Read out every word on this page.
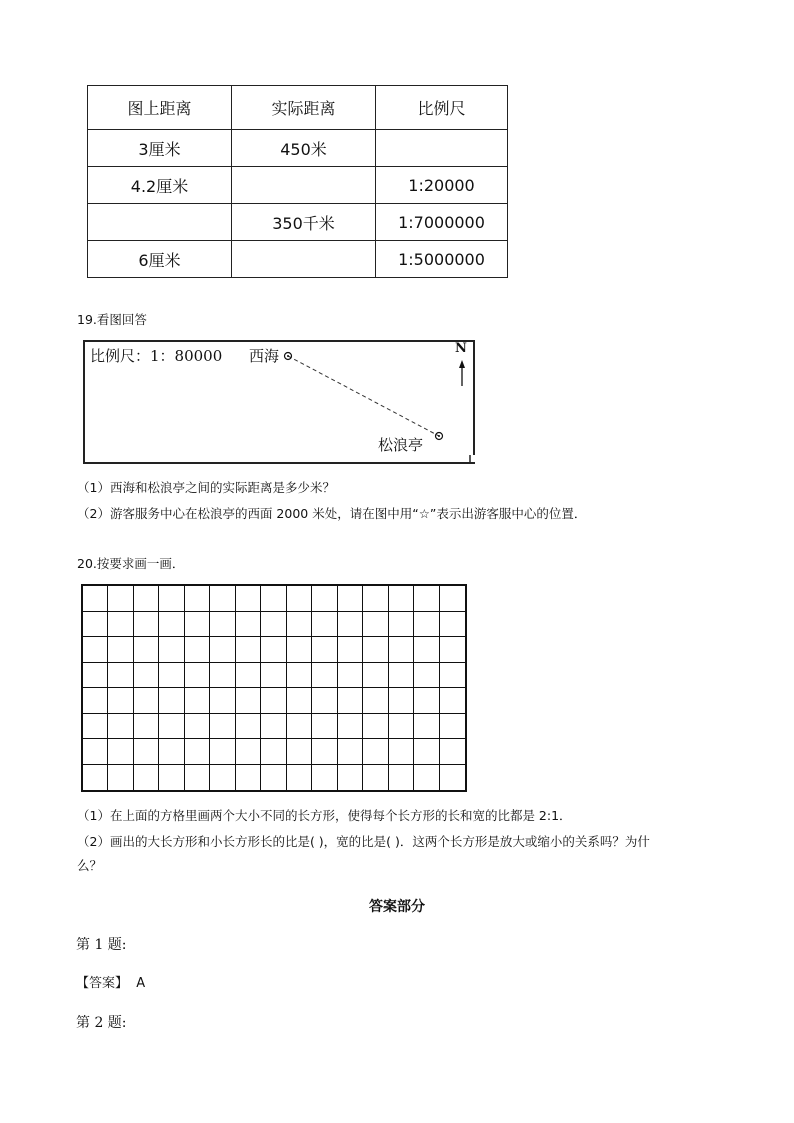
图上距离	实际距离	比例尺
3厘米	450米	
4.2厘米		1:20000
	350千米	1:7000000
6厘米		1:5000000
19.看图回答
比例尺：1：80000 西海
松浪亭
N
（1）西海和松浪亭之间的实际距离是多少米？
（2）游客服务中心在松浪亭的西面 2000 米处，请在图中用“☆”表示出游客服中心的位置．
20.按要求画一画．
（1）在上面的方格里画两个大小不同的长方形，使得每个长方形的长和宽的比都是 2:1．
（2）画出的大长方形和小长方形长的比是( )，宽的比是( )．这两个长方形是放大或缩小的关系吗？为什
么？
答案部分
第 1 题:
【答案】 A
第 2 题:
